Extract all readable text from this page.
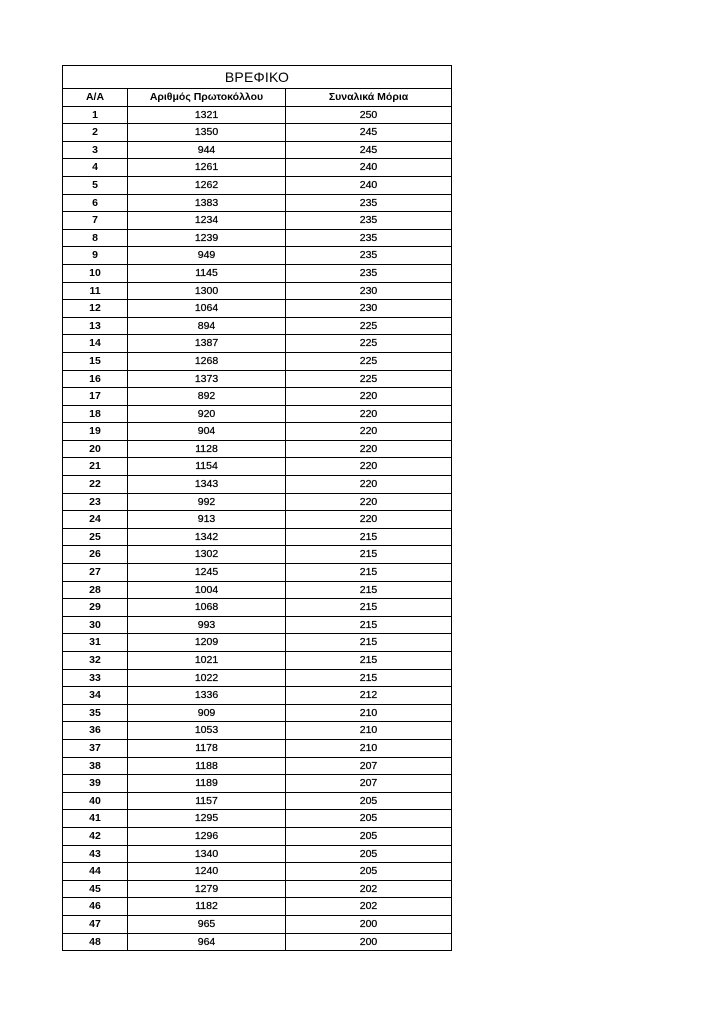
ΒΡΕΦΙΚΟ		
Α/Α	Αριθμός Πρωτοκόλλου	Συναλικά Μόρια
1	1321	250
2	1350	245
3	944	245
4	1261	240
5	1262	240
6	1383	235
7	1234	235
8	1239	235
9	949	235
10	1145	235
11	1300	230
12	1064	230
13	894	225
14	1387	225
15	1268	225
16	1373	225
17	892	220
18	920	220
19	904	220
20	1128	220
21	1154	220
22	1343	220
23	992	220
24	913	220
25	1342	215
26	1302	215
27	1245	215
28	1004	215
29	1068	215
30	993	215
31	1209	215
32	1021	215
33	1022	215
34	1336	212
35	909	210
36	1053	210
37	1178	210
38	1188	207
39	1189	207
40	1157	205
41	1295	205
42	1296	205
43	1340	205
44	1240	205
45	1279	202
46	1182	202
47	965	200
48	964	200
